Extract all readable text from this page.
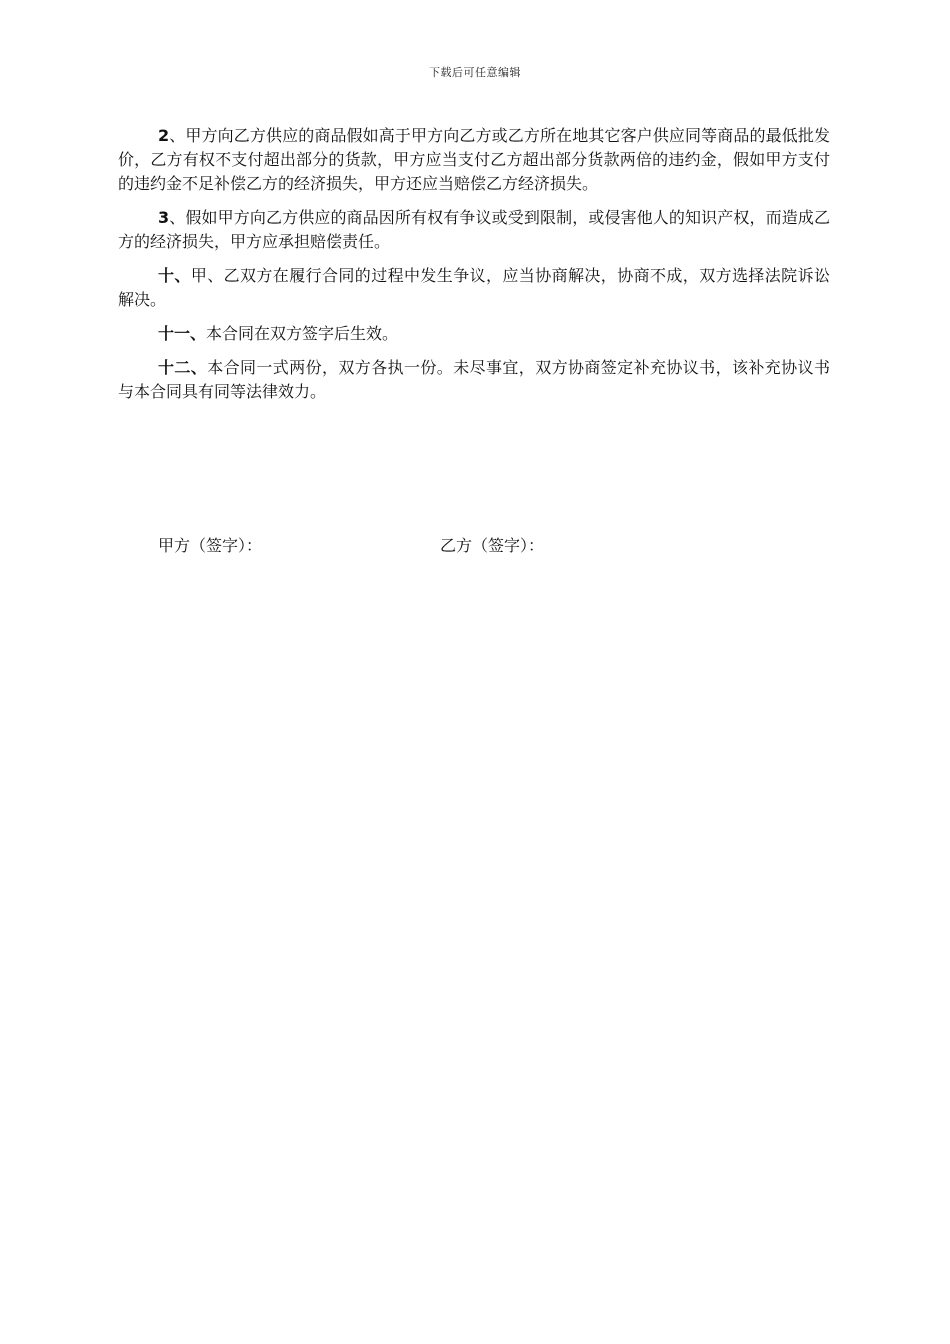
下载后可任意编辑

2、甲方向乙方供应的商品假如高于甲方向乙方或乙方所在地其它客户供应同等商品的最低批发价，乙方有权不支付超出部分的货款，甲方应当支付乙方超出部分货款两倍的违约金，假如甲方支付的违约金不足补偿乙方的经济损失，甲方还应当赔偿乙方经济损失。

3、假如甲方向乙方供应的商品因所有权有争议或受到限制，或侵害他人的知识产权，而造成乙方的经济损失，甲方应承担赔偿责任。

十、甲、乙双方在履行合同的过程中发生争议，应当协商解决，协商不成，双方选择法院诉讼解决。

十一、本合同在双方签字后生效。

十二、本合同一式两份，双方各执一份。未尽事宜，双方协商签定补充协议书，该补充协议书与本合同具有同等法律效力。

甲方（签字）：	乙方（签字）：
